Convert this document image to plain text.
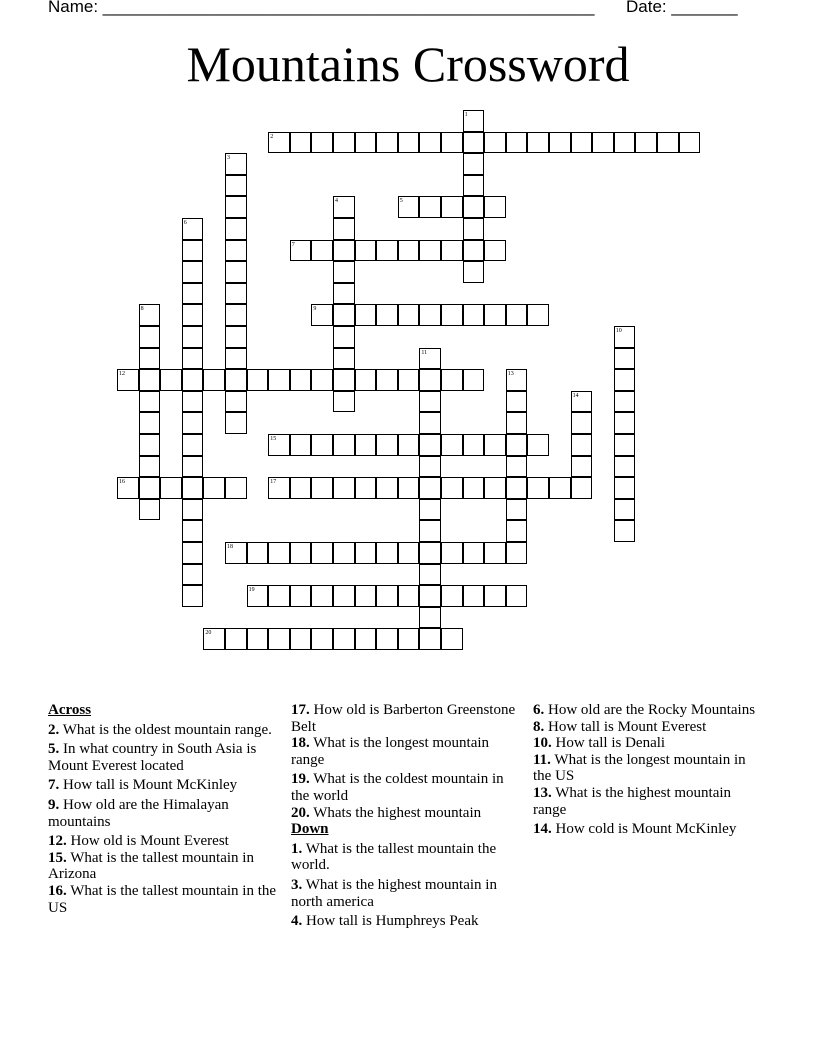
Name: ____________________________________________________ Date: _______
Mountains Crossword
1
2
3
4	5
6
7
8	9
10
11
12	13
14
15
16	17
18
19
20
Across
2. What is the oldest mountain range.
5. In what country in South Asia is Mount Everest located
7. How tall is Mount McKinley
9. How old are the Himalayan mountains
12. How old is Mount Everest
15. What is the tallest mountain in Arizona
16. What is the tallest mountain in the US
17. How old is Barberton Greenstone Belt
18. What is the longest mountain range
19. What is the coldest mountain in the world
20. Whats the highest mountain
Down
1. What is the tallest mountain the world.
3. What is the highest mountain in north america
4. How tall is Humphreys Peak
6. How old are the Rocky Mountains
8. How tall is Mount Everest
10. How tall is Denali
11. What is the longest mountain in the US
13. What is the highest mountain range
14. How cold is Mount McKinley
